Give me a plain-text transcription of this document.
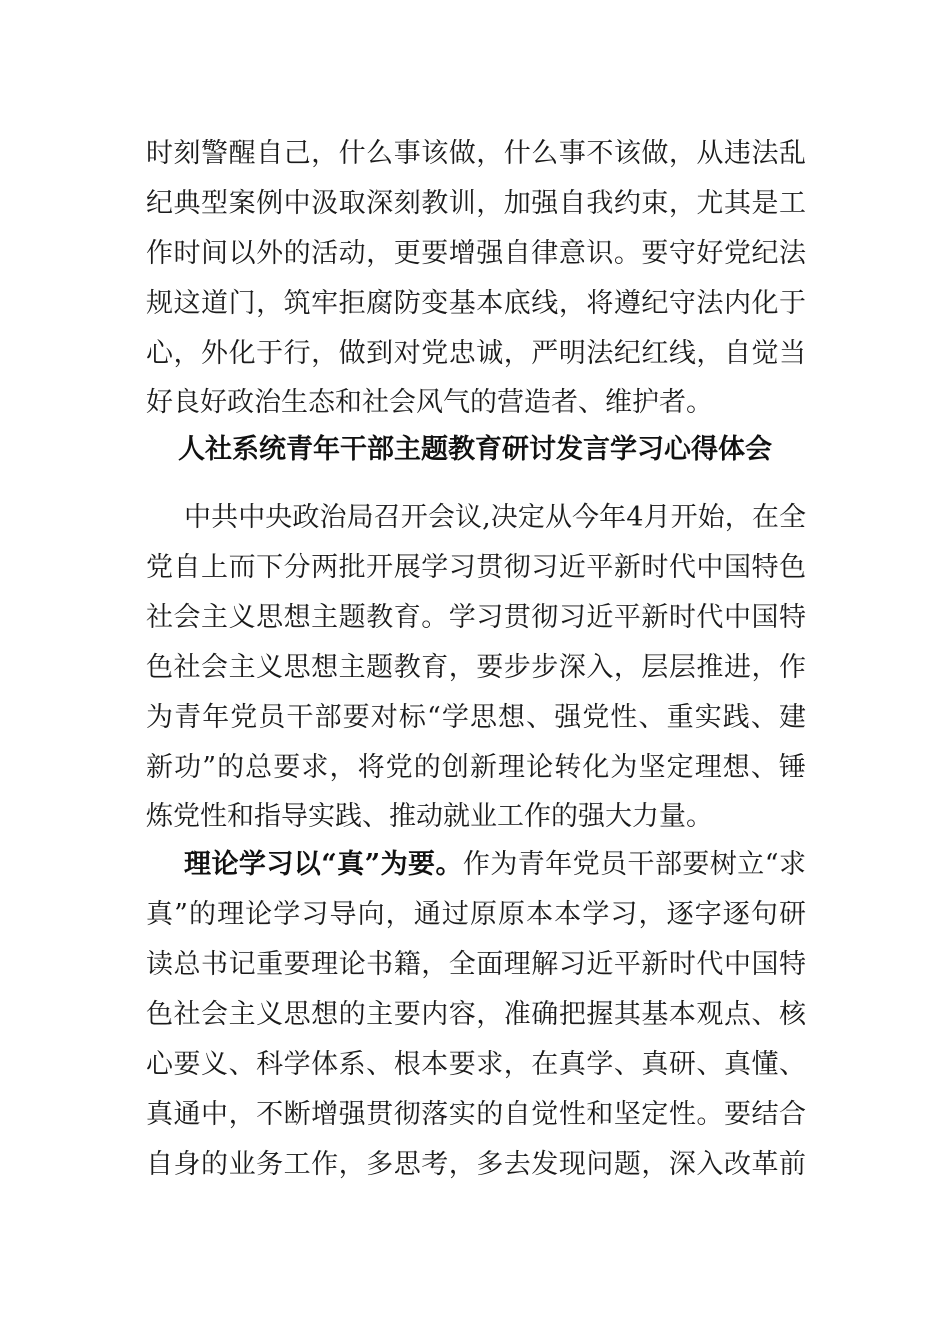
时刻警醒自己，什么事该做，什么事不该做，从违法乱

纪典型案例中汲取深刻教训，加强自我约束，尤其是工

作时间以外的活动，更要增强自律意识。要守好党纪法

规这道门，筑牢拒腐防变基本底线，将遵纪守法内化于

心，外化于行，做到对党忠诚，严明法纪红线，自觉当

好良好政治生态和社会风气的营造者、维护者。

人社系统青年干部主题教育研讨发言学习心得体会

中共中央政治局召开会议,决定从今年4月开始，在全

党自上而下分两批开展学习贯彻习近平新时代中国特色

社会主义思想主题教育。学习贯彻习近平新时代中国特

色社会主义思想主题教育，要步步深入，层层推进，作

为青年党员干部要对标“学思想、强党性、重实践、建

新功”的总要求，将党的创新理论转化为坚定理想、锤

炼党性和指导实践、推动就业工作的强大力量。

理论学习以“真”为要。作为青年党员干部要树立“求

真”的理论学习导向，通过原原本本学习，逐字逐句研

读总书记重要理论书籍，全面理解习近平新时代中国特

色社会主义思想的主要内容，准确把握其基本观点、核

心要义、科学体系、根本要求，在真学、真研、真懂、

真通中，不断增强贯彻落实的自觉性和坚定性。要结合

自身的业务工作，多思考，多去发现问题，深入改革前
